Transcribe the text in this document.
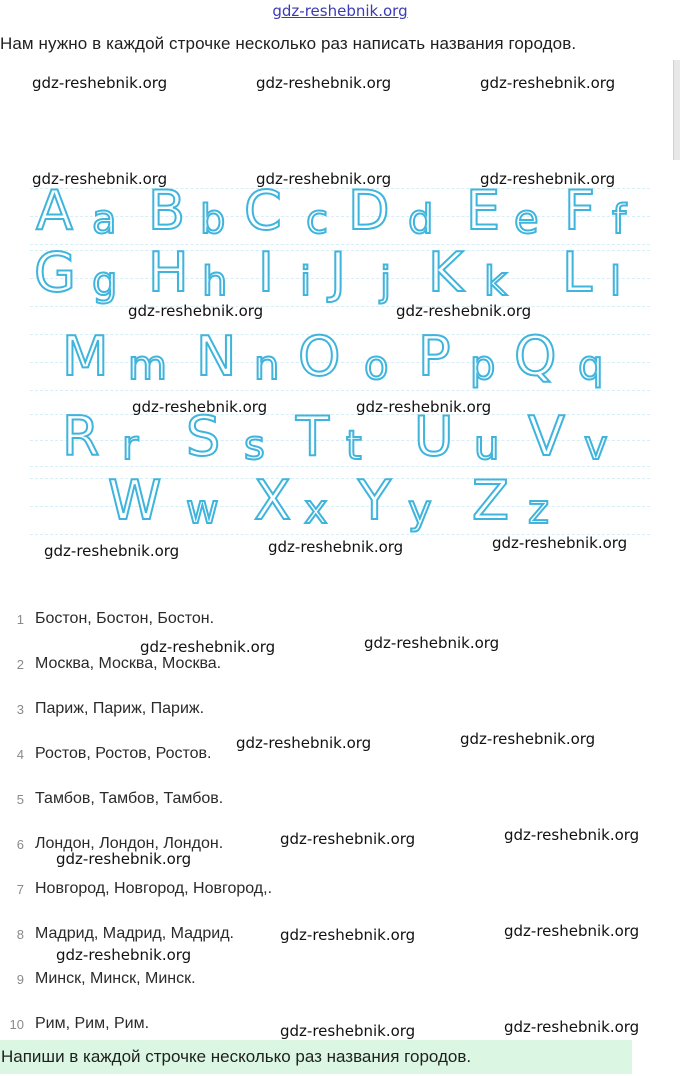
gdz-reshebnik.org
Нам нужно в каждой строчке несколько раз написать названия городов.
A a B b C c D d E e F f
G g H h I i J j K k L l
M m N n O o P p Q q
R r S s T t U u V v
W w X x Y y Z z
gdz-reshebnik.org	gdz-reshebnik.org	gdz-reshebnik.org
gdz-reshebnik.org	gdz-reshebnik.org	gdz-reshebnik.org
gdz-reshebnik.org	gdz-reshebnik.org
gdz-reshebnik.org	gdz-reshebnik.org
gdz-reshebnik.org	gdz-reshebnik.org	gdz-reshebnik.org
gdz-reshebnik.org	gdz-reshebnik.org
gdz-reshebnik.org	gdz-reshebnik.org
gdz-reshebnik.org	gdz-reshebnik.org
gdz-reshebnik.org
gdz-reshebnik.org	gdz-reshebnik.org
gdz-reshebnik.org
gdz-reshebnik.org	gdz-reshebnik.org
1 Бостон, Бостон, Бостон.
2 Москва, Москва, Москва.
3 Париж, Париж, Париж.
4 Ростов, Ростов, Ростов.
5 Тамбов, Тамбов, Тамбов.
6 Лондон, Лондон, Лондон.
7 Новгород, Новгород, Новгород,.
8 Мадрид, Мадрид, Мадрид.
9 Минск, Минск, Минск.
10 Рим, Рим, Рим.
Напиши в каждой строчке несколько раз названия городов.
